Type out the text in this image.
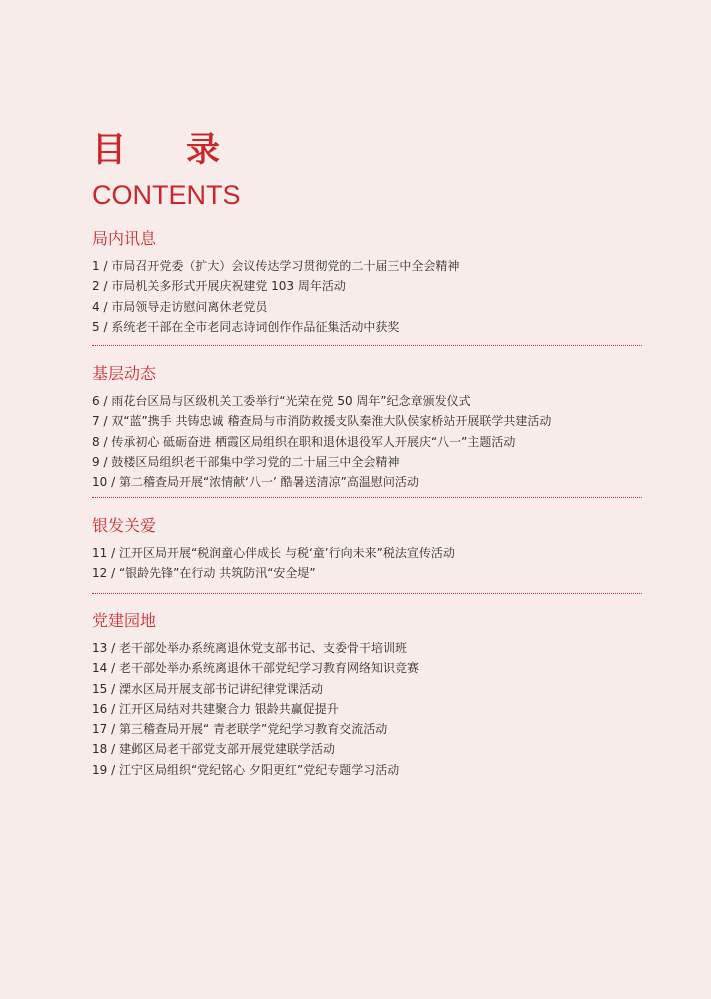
目录
CONTENTS
局内讯息
1 / 市局召开党委（扩大）会议传达学习贯彻党的二十届三中全会精神
2 / 市局机关多形式开展庆祝建党 103 周年活动
4 / 市局领导走访慰问离休老党员
5 / 系统老干部在全市老同志诗词创作作品征集活动中获奖
基层动态
6 / 雨花台区局与区级机关工委举行“光荣在党 50 周年”纪念章颁发仪式
7 / 双“蓝”携手 共铸忠诚 稽查局与市消防救援支队秦淮大队侯家桥站开展联学共建活动
8 / 传承初心 砥砺奋进 栖霞区局组织在职和退休退役军人开展庆“八一”主题活动
9 / 鼓楼区局组织老干部集中学习党的二十届三中全会精神
10 / 第二稽查局开展“浓情献‘八一’ 酷暑送清凉”高温慰问活动
银发关爱
11 / 江开区局开展“税润童心伴成长 与税‘童’行向未来”税法宣传活动
12 / “银龄先锋”在行动 共筑防汛“安全堤”
党建园地
13 / 老干部处举办系统离退休党支部书记、支委骨干培训班
14 / 老干部处举办系统离退休干部党纪学习教育网络知识竞赛
15 / 溧水区局开展支部书记讲纪律党课活动
16 / 江开区局结对共建聚合力 银龄共赢促提升
17 / 第三稽查局开展“ 青老联学”党纪学习教育交流活动
18 / 建邺区局老干部党支部开展党建联学活动
19 / 江宁区局组织“党纪铭心 夕阳更红”党纪专题学习活动
